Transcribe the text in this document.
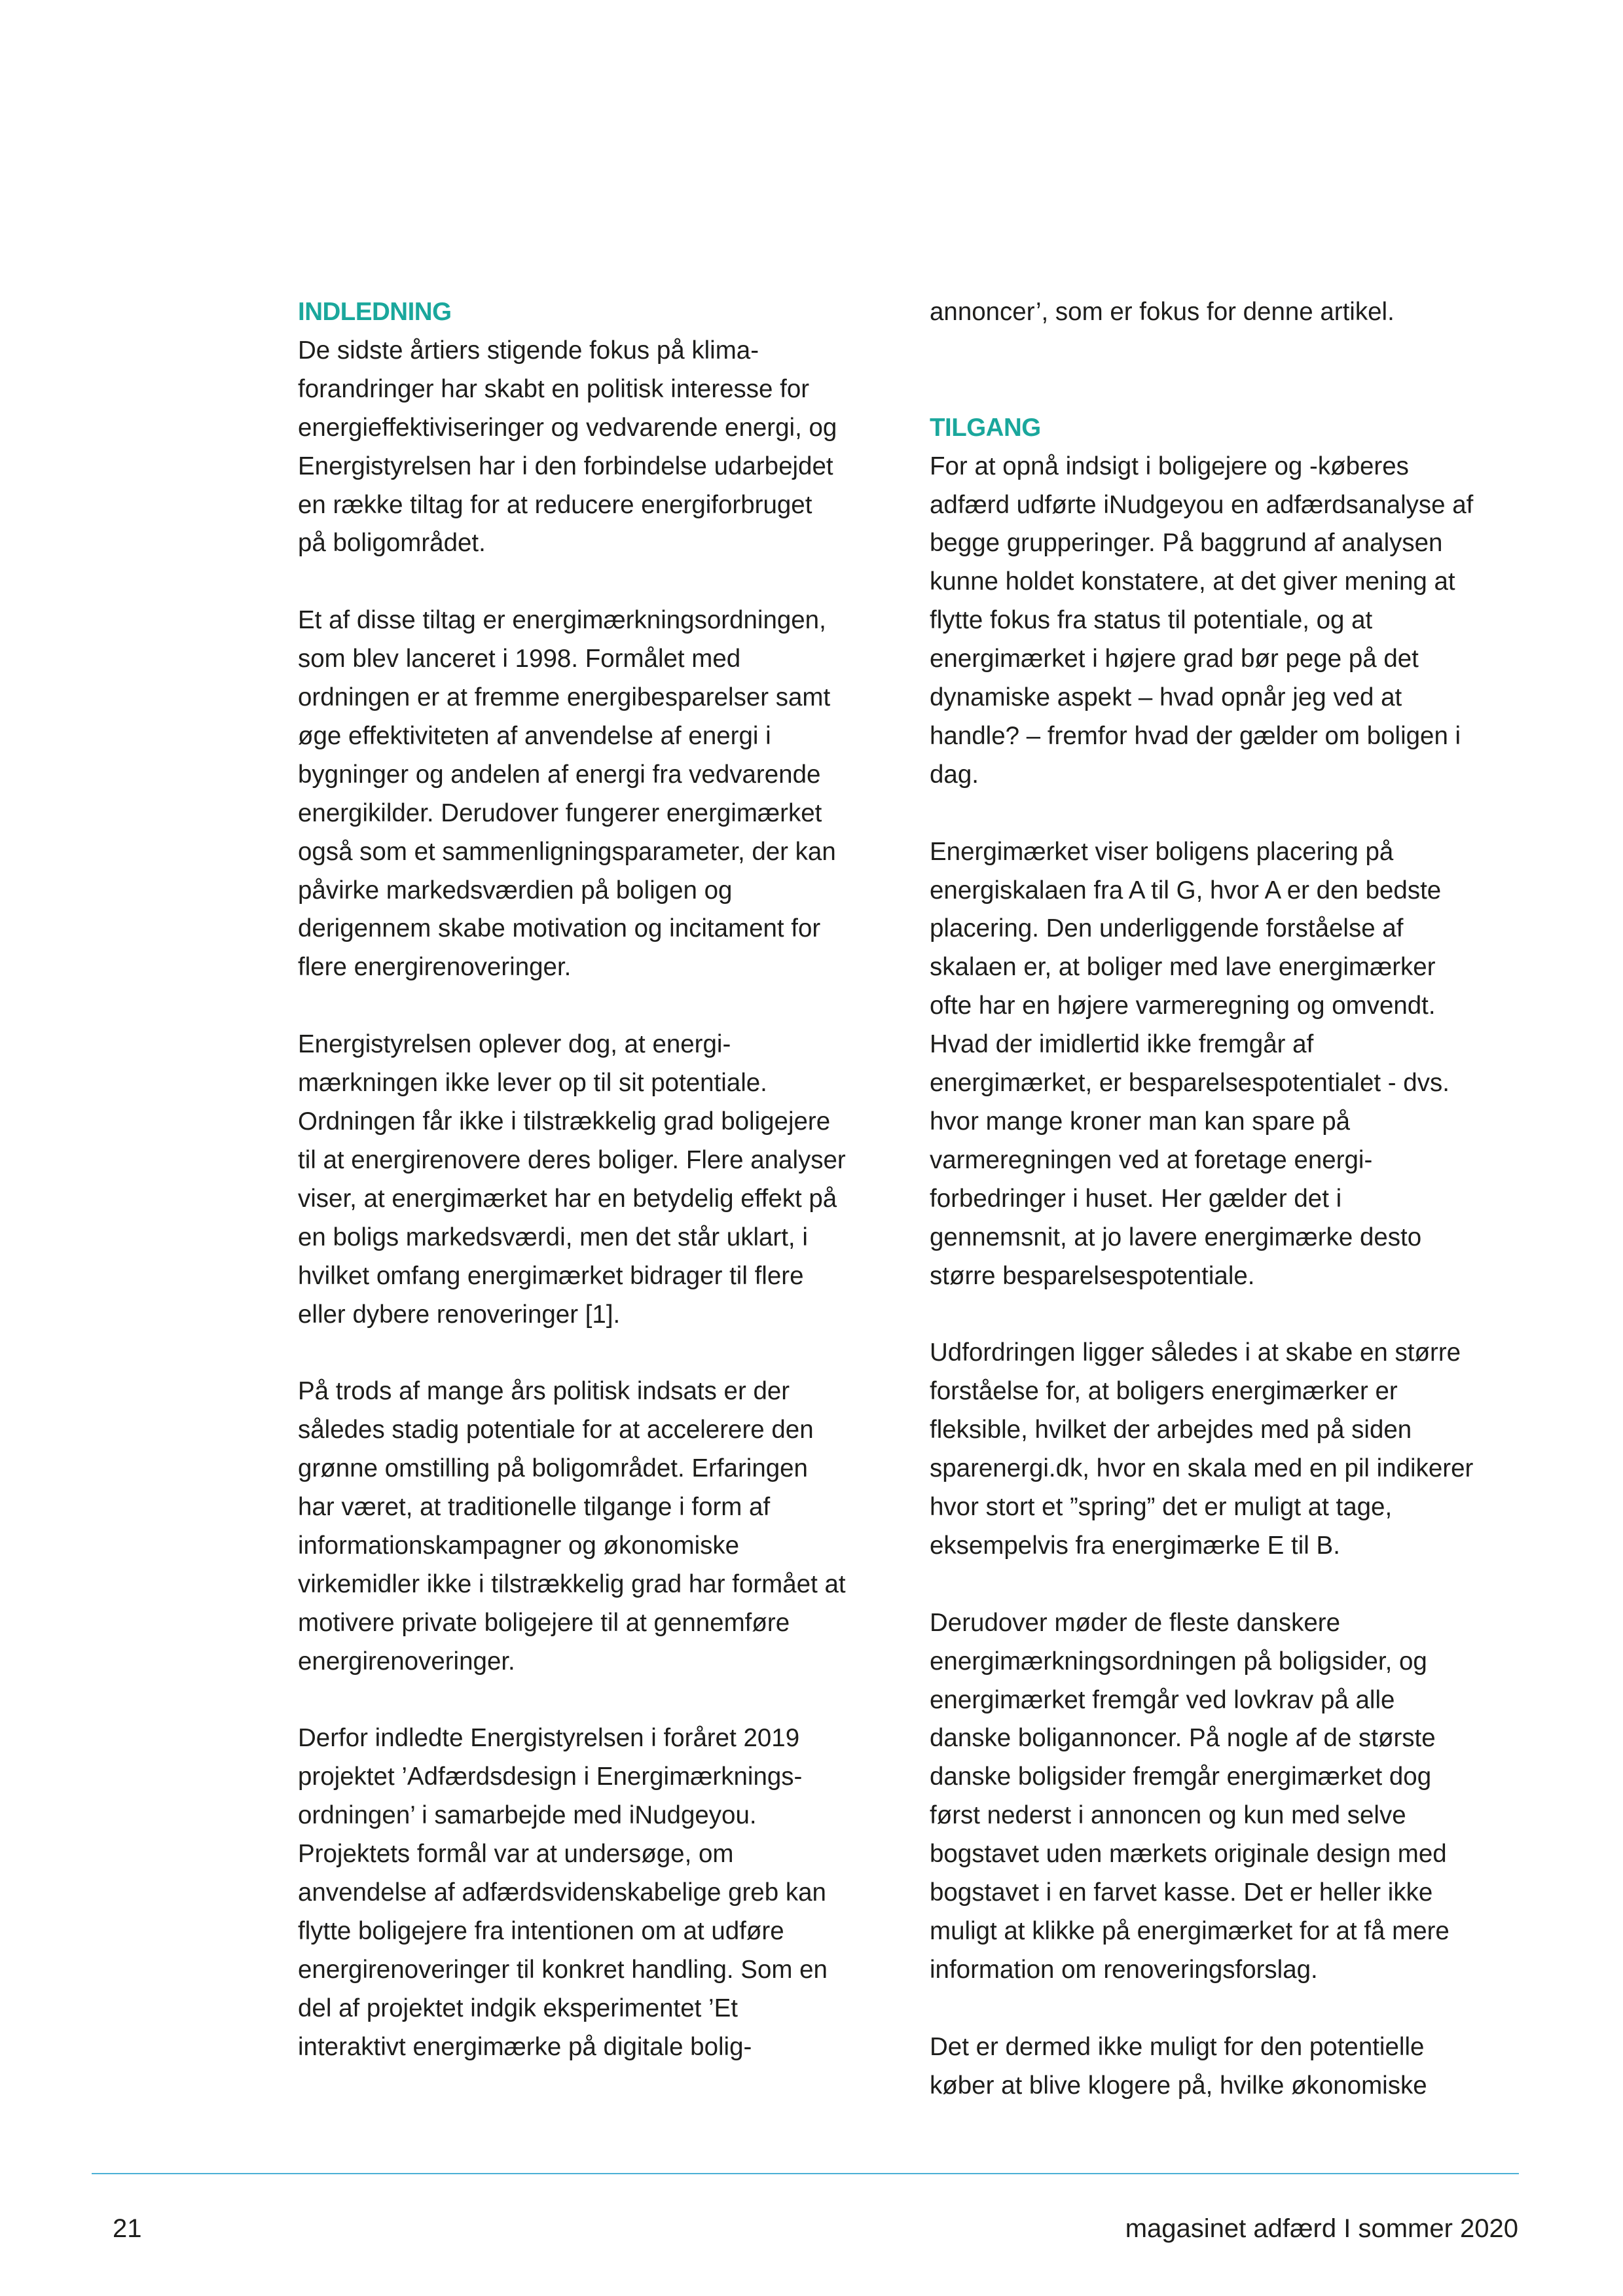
INDLEDNING

De sidste årtiers stigende fokus på klimaforandringer har skabt en politisk interesse for energieffektiviseringer og vedvarende energi, og Energistyrelsen har i den forbindelse udarbejdet en række tiltag for at reducere energiforbruget på boligområdet.

Et af disse tiltag er energimærkningsordningen, som blev lanceret i 1998. Formålet med ordningen er at fremme energibesparelser samt øge effektiviteten af anvendelse af energi i bygninger og andelen af energi fra vedvarende energikilder. Derudover fungerer energimærket også som et sammenligningsparameter, der kan påvirke markedsværdien på boligen og derigennem skabe motivation og incitament for flere energirenoveringer.

Energistyrelsen oplever dog, at energimærkningen ikke lever op til sit potentiale. Ordningen får ikke i tilstrækkelig grad boligejere til at energirenovere deres boliger. Flere analyser viser, at energimærket har en betydelig effekt på en boligs markedsværdi, men det står uklart, i hvilket omfang energimærket bidrager til flere eller dybere renoveringer [1].

På trods af mange års politisk indsats er der således stadig potentiale for at accelerere den grønne omstilling på boligområdet. Erfaringen har været, at traditionelle tilgange i form af informationskampagner og økonomiske virkemidler ikke i tilstrækkelig grad har formået at motivere private boligejere til at gennemføre energirenoveringer.

Derfor indledte Energistyrelsen i foråret 2019 projektet ’Adfærdsdesign i Energimærkningsordningen’ i samarbejde med iNudgeyou.

Projektets formål var at undersøge, om anvendelse af adfærdsvidenskabelige greb kan flytte boligejere fra intentionen om at udføre energirenoveringer til konkret handling. Som en del af projektet indgik eksperimentet ’Et interaktivt energimærke på digitale bolig-

annoncer’, som er fokus for denne artikel.

TILGANG

For at opnå indsigt i boligejere og -køberes adfærd udførte iNudgeyou en adfærdsanalyse af begge grupperinger. På baggrund af analysen kunne holdet konstatere, at det giver mening at flytte fokus fra status til potentiale, og at energimærket i højere grad bør pege på det dynamiske aspekt – hvad opnår jeg ved at handle? – fremfor hvad der gælder om boligen i dag.

Energimærket viser boligens placering på energiskalaen fra A til G, hvor A er den bedste placering. Den underliggende forståelse af skalaen er, at boliger med lave energimærker ofte har en højere varmeregning og omvendt. Hvad der imidlertid ikke fremgår af energimærket, er besparelsespotentialet - dvs. hvor mange kroner man kan spare på varmeregningen ved at foretage energiforbedringer i huset. Her gælder det i gennemsnit, at jo lavere energimærke desto større besparelsespotentiale.

Udfordringen ligger således i at skabe en større forståelse for, at boligers energimærker er fleksible, hvilket der arbejdes med på siden sparenergi.dk, hvor en skala med en pil indikerer hvor stort et ”spring” det er muligt at tage, eksempelvis fra energimærke E til B.

Derudover møder de fleste danskere energimærkningsordningen på boligsider, og energimærket fremgår ved lovkrav på alle danske boligannoncer. På nogle af de største danske boligsider fremgår energimærket dog først nederst i annoncen og kun med selve bogstavet uden mærkets originale design med bogstavet i en farvet kasse. Det er heller ikke muligt at klikke på energimærket for at få mere information om renoveringsforslag.

Det er dermed ikke muligt for den potentielle køber at blive klogere på, hvilke økonomiske

21	magasinet adfærd I sommer 2020
